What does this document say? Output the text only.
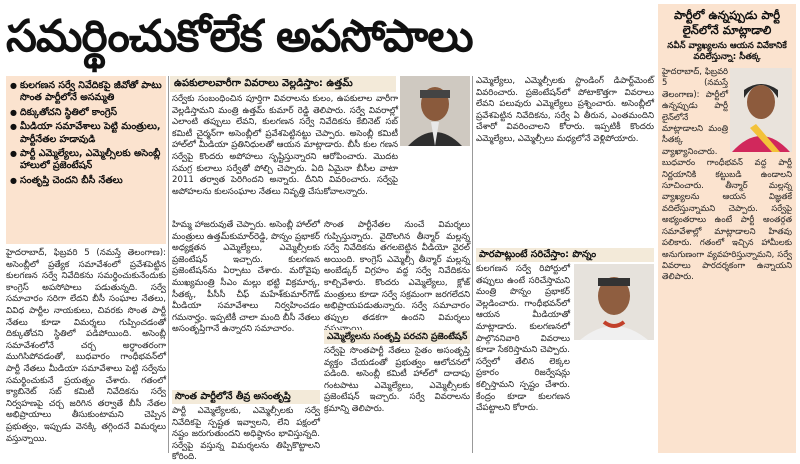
సమర్థించుకోలేక అపసోపాలు
● కులగణన సర్వే నివేదికపై జీవోతో పాటు సొంత పార్టీలోనే అసమ్మతి
● దిక్కుతోచని స్థితిలో కాంగ్రెస్
● మీడియా సమావేశాలు పెట్టి మంత్రులు, పార్టీనేతల హడావుడి
● పార్టీ ఎమ్మెల్యేలు, ఎమ్మెల్సీలకు అసెంబ్లీ హాలులో ప్రజెంటేషన్
● సంతృప్తి చెందని బీసీ నేతలు

హైదరాబాద్, ఫిబ్రవరి 5 (నమస్తే తెలంగాణ): అసెంబ్లీలో ప్రత్యేక సమావేశంలో ప్రవేశపెట్టిన కులగణన సర్వే నివేదికను సమర్థించుకునేందుకు కాంగ్రెస్ అపసోపాలు పడుతున్నది. సర్వే సమాచారం సరిగా లేదని బీసీ సంఘాల నేతలు, వివిధ పార్టీల నాయకులు, చివరకు సొంత పార్టీ నేతలు కూడా విమర్శలు గుప్పించడంతో దిక్కుతోచని స్థితిలో పడిపోయింది. అసెంబ్లీ సమావేశంలోనే చర్చ అర్ధాంతరంగా ముగిసిపోవడంతో, బుధవారం గాంధీభవన్‌లో పార్టీ నేతలు మీడియా సమావేశాలు పెట్టి సర్వేను సమర్థించుకునే ప్రయత్నం చేశారు. గతంలో క్యాబినెట్ సబ్ కమిటీ నివేదికను సర్వే నిర్వహణపై చర్చ జరిగిన తర్వాతే బీసీ నేతల అభిప్రాయాలు తీసుకుంటామని చెప్పిన ప్రభుత్వం, ఇప్పుడు వెనక్కి తగ్గిందనే విమర్శలు వస్తున్నాయి.

ఉపకులాలవారీగా వివరాలు వెల్లడిస్తాం: ఉత్తమ్

సర్వేకు సంబంధించిన పూర్తిగా వివరాలను కులం, ఉపకులాల వారీగా వెల్లడిస్తామని మంత్రి ఉత్తమ్ కుమార్ రెడ్డి తెలిపారు. సర్వే వివరాల్లో ఎలాంటి తప్పులు లేవని, కులగణన సర్వే నివేదికను కేబినెట్ సబ్ కమిటీ చైర్మన్‌గా అసెంబ్లీలో ప్రవేశపెట్టినట్టు చెప్పారు. అసెంబ్లీ కమిటీ హాల్‌లో మీడియా ప్రతినిధులతో ఆయన మాట్లాడారు. బీసీ కుల గణన సర్వేపై కొందరు అపోహలు సృష్టిస్తున్నారని ఆరోపించారు. మొదట సమగ్ర కులాలు సర్వేతో పోల్చి చెప్పారు. ఏది ఏమైనా బీసీల వాటా 2011 తర్వాత పెరిగిందని అన్నారు. దీనిని వివరించారు. సర్వేపై అపోహలను కులసంఘాల నేతలు నివృత్తి చేసుకోవాలన్నారు.

హిమ్మ హాజరువుతే చెప్పారు. అసెంబ్లీ హాల్‌లో మంత్రులు ఉత్తమ్‌కుమార్‌రెడ్డి, పొన్నం ప్రభాకర్ అధ్యక్షతన ఎమ్మెల్యేలు, ఎమ్మెల్సీలకు ప్రజెంటేషన్ ఇచ్చారు. కులగణన ప్రజెంటేషన్‌ను ఏర్పాటు చేశారు. మరోవైపు ముఖ్యమంత్రి సీఎం మల్లు భట్టి విక్రమార్క, సీతక్క, పీసీసీ చీఫ్ మహేశ్‌కుమార్‌గౌడ్ మీడియా సమావేశాలు నిర్వహించడం గమనార్హం. ఇప్పటికీ చాలా మంది బీసీ నేతలు అసంతృప్తిగానే ఉన్నారని సమాచారం.

సొంత పార్టీనేతల నుంచే విమర్శలు గుప్పిస్తున్నారు. వైదొలగిన తీన్మార్ మల్లన్న సర్వే నివేదికను తగలబెట్టిన వీడియో వైరల్ అయింది. కాంగ్రెస్ ఎమ్మెల్సీ తీన్మార్ మల్లన్న అంబేడ్కర్ విగ్రహం వద్ద సర్వే నివేదికను కాల్చివేశారు. కొందరు ఎమ్మెల్యేలు, క్లోజ్ మంత్రులు కూడా సర్వే సక్రమంగా జరగలేదని అభిప్రాయపడుతున్నారు. సర్వే సమాచారం తప్పుల తడకగా ఉందని విమర్శలు

సొంత పార్టీలోనే తీవ్ర అసంతృప్తి

పార్టీ ఎమ్మెల్యేలకు, ఎమ్మెల్సీలకు సర్వే నివేదికపై స్పష్టత ఇవ్వాలని, లేని పక్షంలో నష్టం జరుగుతుందని అధిష్ఠానం భావిస్తున్నది. సర్వేపై వస్తున్న విమర్శలను తిప్పికొట్టాలని కోరింది.

ఎమ్మెల్యేలను సంతృప్తి పరచని ప్రజెంటేషన్

సర్వేపై సొంతపార్టీ నేతలు సైతం అసంతృప్తి వ్యక్తం చేయడంతో ప్రభుత్వం ఆలోచనలో పడింది. అసెంబ్లీ కమిటీ హాల్‌లో దాదాపు గంటపాటు ఎమ్మెల్యేలు, ఎమ్మెల్సీలకు ప్రజెంటేషన్ ఇచ్చారు. సర్వే వివరాలను క్రమాన్ని తెలిపారు.

ఎమ్మెల్యేలు, ఎమ్మెల్సీలకు స్టాండింగ్ డిపార్ట్‌మెంట్ వివరించారు. ప్రజెంటేషన్‌లో పోటాకొత్తగా వివరాలు లేవని పలువురు ఎమ్మెల్యేలు ప్రశ్నించారు. అసెంబ్లీలో ప్రవేశపెట్టిన నివేదికను, సర్వే ఏ తీరున, ఎంతమందిని చేశారో వివరించాలని కోరారు. ఇప్పటికీ కొందరు ఎమ్మెల్యేలు, ఎమ్మెల్సీలు మధ్యలోనే వెళ్లిపోయారు.

పారపాట్లుంటే సరిచేస్తాం: పొన్నం

కులగణన సర్వే రిపోర్టులో తప్పులు ఉంటే సరిచేస్తామని మంత్రి పొన్నం ప్రభాకర్ వెల్లడించారు. గాంధీభవన్‌లో ఆయన మీడియాతో మాట్లాడారు. కులగణనలో పాల్గొననివారి వివరాలు కూడా సేకరిస్తామని చెప్పారు. సర్వేలో తేలిన లెక్కల ప్రకారం రిజర్వేషన్లు కల్పిస్తామని స్పష్టం చేశారు. కేంద్రం కూడా కులగణన చేపట్టాలని కోరారు.

పార్టీలో ఉన్నప్పుడు పార్టీ లైన్‌లోనే మాట్లాడాలి
నవీన్ వ్యాఖ్యలను ఆయన వివేకానికే వదిలేస్తున్నా: సీతక్క

హైదరాబాద్, ఫిబ్రవరి 5 (నమస్తే తెలంగాణ): పార్టీలో ఉన్నప్పుడు పార్టీ లైన్‌లోనే మాట్లాడాలని మంత్రి సీతక్క వ్యాఖ్యానించారు. బుధవారం గాంధీభవన్ వద్ద పార్టీ నిర్ణయానికి కట్టుబడి ఉండాలని సూచించారు. తీన్మార్ మల్లన్న వ్యాఖ్యలను ఆయన విజ్ఞతకే వదిలేస్తున్నామని చెప్పారు. సర్వేపై అభ్యంతరాలు ఉంటే పార్టీ అంతర్గత సమావేశాల్లో మాట్లాడాలని హితవు పలికారు. గతంలో ఇచ్చిన హామీలకు అనుగుణంగా వ్యవహరిస్తున్నామని, సర్వే వివరాలు పారదర్శకంగా ఉన్నాయని తెలిపారు.
